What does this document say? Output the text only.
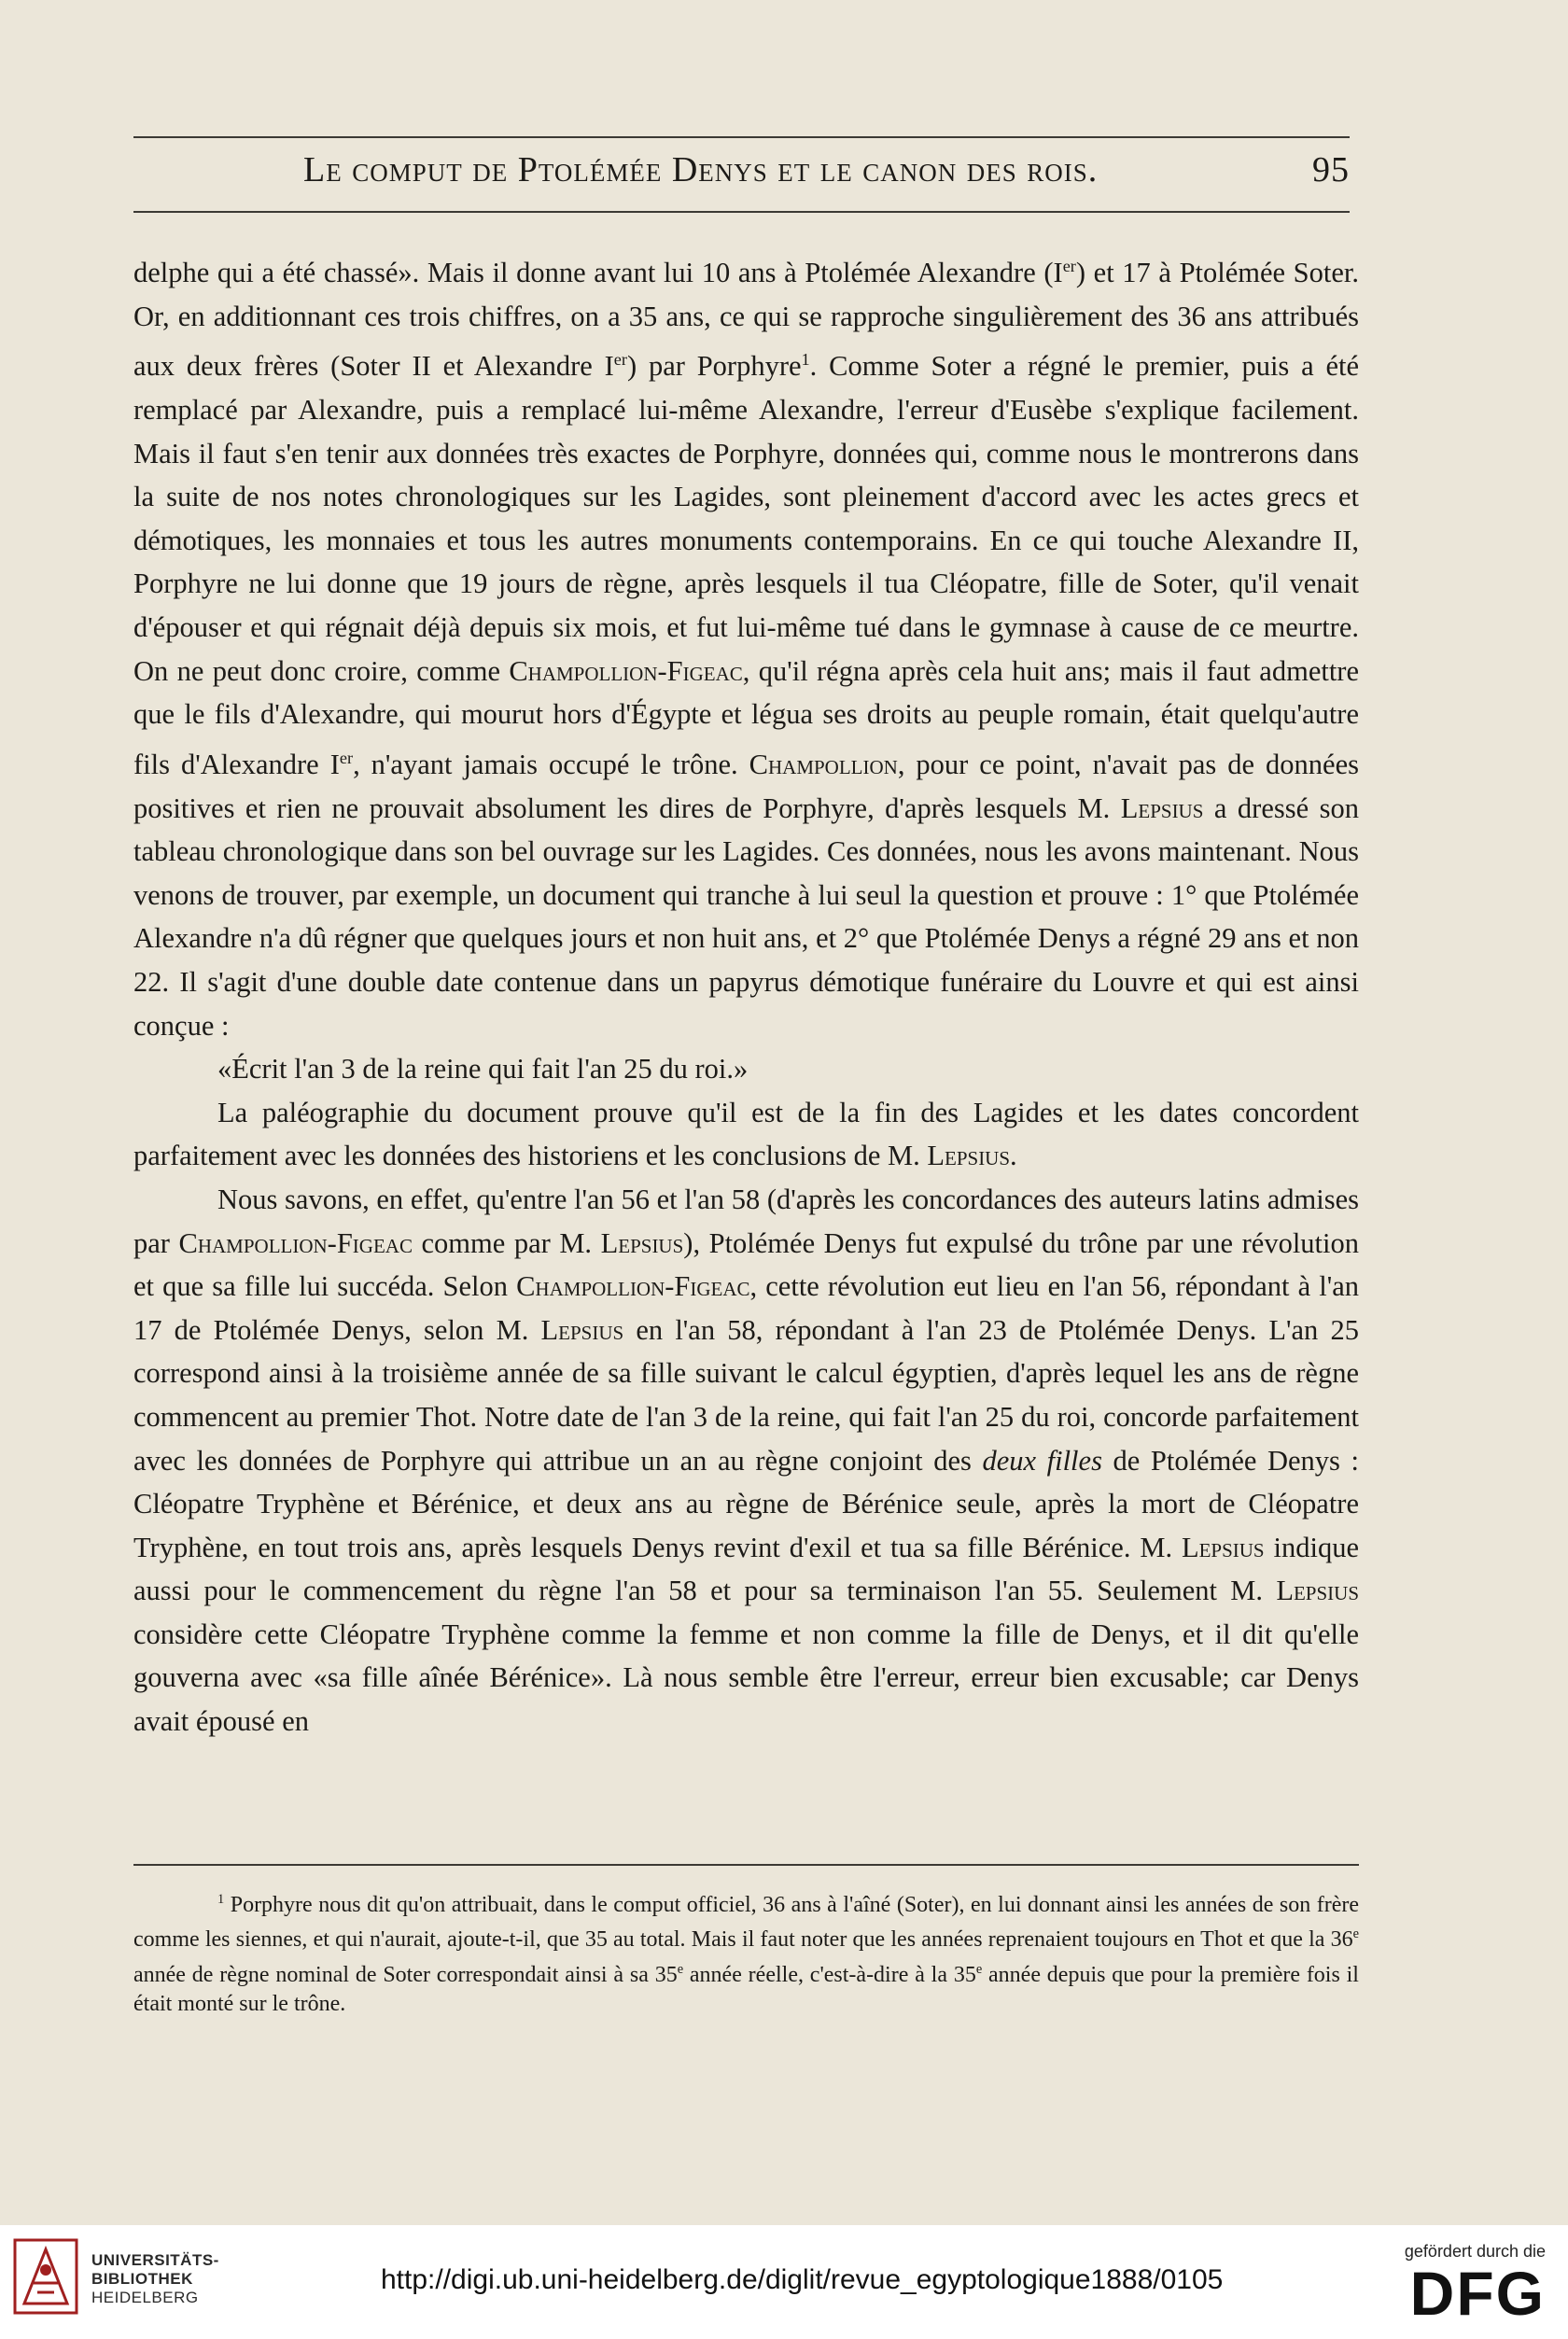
Le comput de Ptolémée Denys et le canon des rois.	95

delphe qui a été chassé». Mais il donne avant lui 10 ans à Ptolémée Alexandre (Ier) et 17 à Ptolémée Soter. Or, en additionnant ces trois chiffres, on a 35 ans, ce qui se rapproche singulièrement des 36 ans attribués aux deux frères (Soter II et Alexandre Ier) par Porphyre$^1$. Comme Soter a régné le premier, puis a été remplacé par Alexandre, puis a remplacé lui-même Alexandre, l'erreur d'Eusèbe s'explique facilement. Mais il faut s'en tenir aux données très exactes de Porphyre, données qui, comme nous le montrerons dans la suite de nos notes chronologiques sur les Lagides, sont pleinement d'accord avec les actes grecs et démotiques, les monnaies et tous les autres monuments contemporains. En ce qui touche Alexandre II, Porphyre ne lui donne que 19 jours de règne, après lesquels il tua Cléopatre, fille de Soter, qu'il venait d'épouser et qui régnait déjà depuis six mois, et fut lui-même tué dans le gymnase à cause de ce meurtre. On ne peut donc croire, comme Champollion-Figeac, qu'il régna après cela huit ans; mais il faut admettre que le fils d'Alexandre, qui mourut hors d'Égypte et légua ses droits au peuple romain, était quelqu'autre fils d'Alexandre Ier, n'ayant jamais occupé le trône. Champollion, pour ce point, n'avait pas de données positives et rien ne prouvait absolument les dires de Porphyre, d'après lesquels M. Lepsius a dressé son tableau chronologique dans son bel ouvrage sur les Lagides. Ces données, nous les avons maintenant. Nous venons de trouver, par exemple, un document qui tranche à lui seul la question et prouve : 1° que Ptolémée Alexandre n'a dû régner que quelques jours et non huit ans, et 2° que Ptolémée Denys a régné 29 ans et non 22. Il s'agit d'une double date contenue dans un papyrus démotique funéraire du Louvre et qui est ainsi conçue :

«Écrit l'an 3 de la reine qui fait l'an 25 du roi.»

La paléographie du document prouve qu'il est de la fin des Lagides et les dates concordent parfaitement avec les données des historiens et les conclusions de M. Lepsius.

Nous savons, en effet, qu'entre l'an 56 et l'an 58 (d'après les concordances des auteurs latins admises par Champollion-Figeac comme par M. Lepsius), Ptolémée Denys fut expulsé du trône par une révolution et que sa fille lui succéda. Selon Champollion-Figeac, cette révolution eut lieu en l'an 56, répondant à l'an 17 de Ptolémée Denys, selon M. Lepsius en l'an 58, répondant à l'an 23 de Ptolémée Denys. L'an 25 correspond ainsi à la troisième année de sa fille suivant le calcul égyptien, d'après lequel les ans de règne commencent au premier Thot. Notre date de l'an 3 de la reine, qui fait l'an 25 du roi, concorde parfaitement avec les données de Porphyre qui attribue un an au règne conjoint des deux filles de Ptolémée Denys : Cléopatre Tryphène et Bérénice, et deux ans au règne de Bérénice seule, après la mort de Cléopatre Tryphène, en tout trois ans, après lesquels Denys revint d'exil et tua sa fille Bérénice. M. Lepsius indique aussi pour le commencement du règne l'an 58 et pour sa terminaison l'an 55. Seulement M. Lepsius considère cette Cléopatre Tryphène comme la femme et non comme la fille de Denys, et il dit qu'elle gouverna avec «sa fille aînée Bérénice». Là nous semble être l'erreur, erreur bien excusable; car Denys avait épousé en

$^1$ Porphyre nous dit qu'on attribuait, dans le comput officiel, 36 ans à l'aîné (Soter), en lui donnant ainsi les années de son frère comme les siennes, et qui n'aurait, ajoute-t-il, que 35 au total. Mais il faut noter que les années reprenaient toujours en Thot et que la 36e année de règne nominal de Soter correspondait ainsi à sa 35e année réelle, c'est-à-dire à la 35e année depuis que pour la première fois il était monté sur le trône.

UNIVERSITÄTS-
BIBLIOTHEK
HEIDELBERG
http://digi.ub.uni-heidelberg.de/diglit/revue_egyptologique1888/0105
gefördert durch die
DFG
